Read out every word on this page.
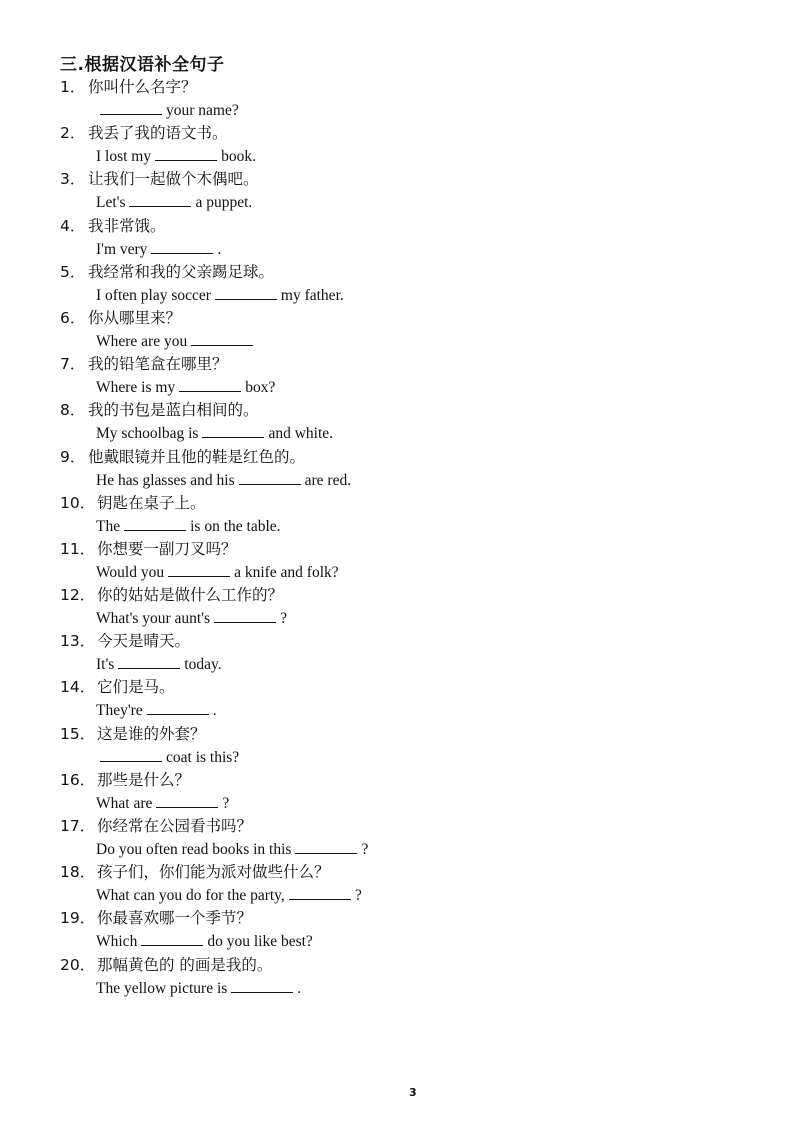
三.根据汉语补全句子
1． 你叫什么名字？
your name?
2． 我丢了我的语文书。
I lost my	book.
3． 让我们一起做个木偶吧。
Let's	a puppet.
4． 我非常饿。
I'm very	.
5． 我经常和我的父亲踢足球。
I often play soccer	my father.
6． 你从哪里来？
Where are you
7． 我的铅笔盒在哪里？
Where is my	box?
8． 我的书包是蓝白相间的。
My schoolbag is	and white.
9． 他戴眼镜并且他的鞋是红色的。
He has glasses and his	are red.
10． 钥匙在桌子上。
The	is on the table.
11． 你想要一副刀叉吗？
Would you	a knife and folk?
12． 你的姑姑是做什么工作的？
What's your aunt's	?
13． 今天是晴天。
It's	today.
14． 它们是马。
They're	.
15． 这是谁的外套？
coat is this?
16． 那些是什么？
What are	?
17． 你经常在公园看书吗？
Do you often read books in this	?
18． 孩子们，你们能为派对做些什么？
What can you do for the party,	?
19． 你最喜欢哪一个季节？
Which	do you like best?
20． 那幅黄色的 的画是我的。
The yellow picture is	.
3
